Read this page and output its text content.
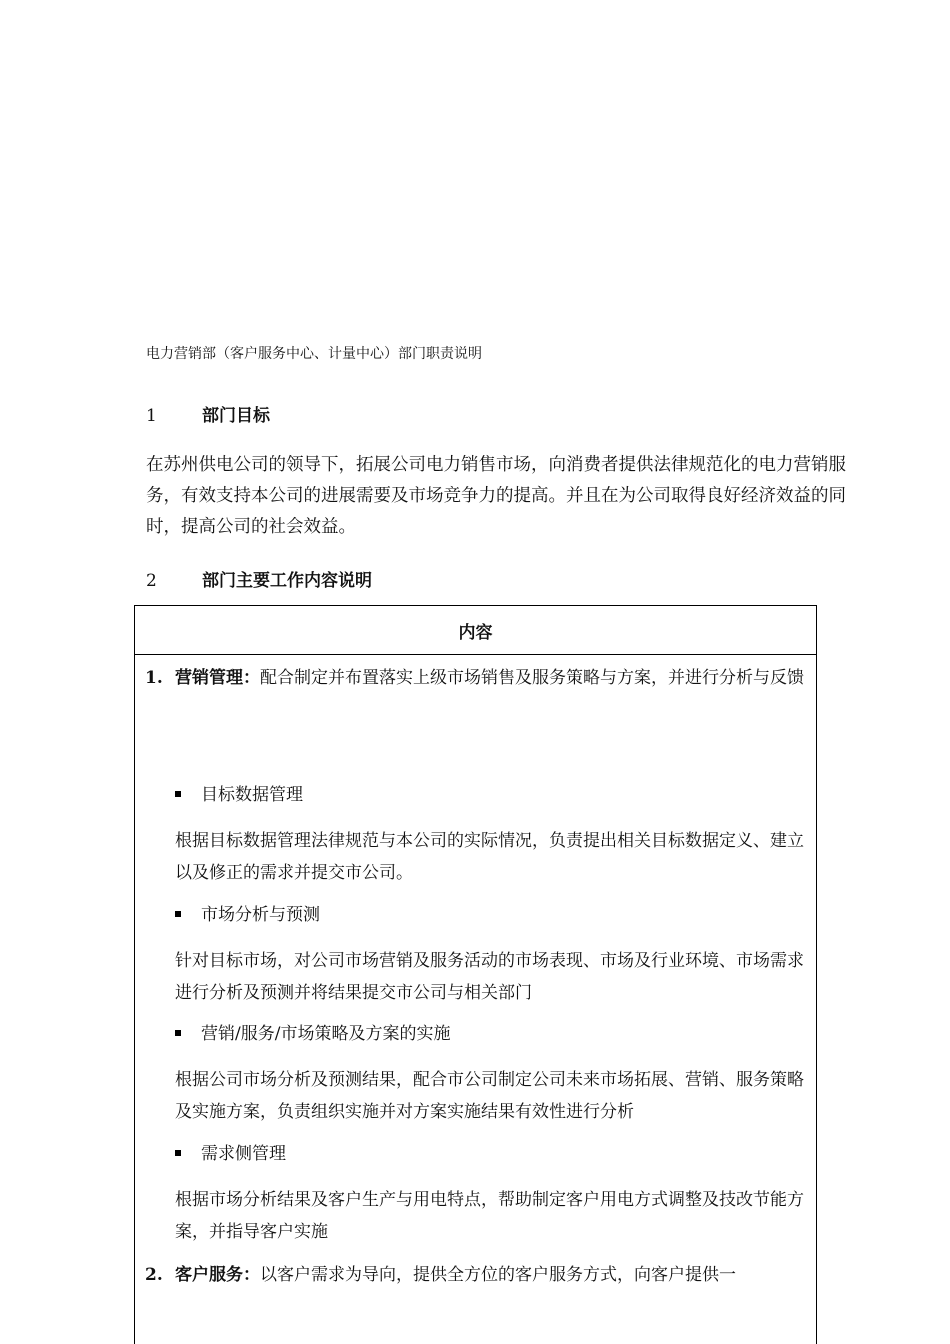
电力营销部（客户服务中心、计量中心）部门职责说明
1	部门目标

在苏州供电公司的领导下，拓展公司电力销售市场，向消费者提供法律规范化的电力营销服务，有效支持本公司的进展需要及市场竞争力的提高。并且在为公司取得良好经济效益的同时，提高公司的社会效益。

2	部门主要工作内容说明
内容
1. 营销管理：配合制定并布置落实上级市场销售及服务策略与方案，并进行分析与反馈
目标数据管理

根据目标数据管理法律规范与本公司的实际情况，负责提出相关目标数据定义、建立以及修正的需求并提交市公司。

市场分析与预测

针对目标市场，对公司市场营销及服务活动的市场表现、市场及行业环境、市场需求进行分析及预测并将结果提交市公司与相关部门

营销/服务/市场策略及方案的实施

根据公司市场分析及预测结果，配合市公司制定公司未来市场拓展、营销、服务策略及实施方案，负责组织实施并对方案实施结果有效性进行分析

需求侧管理

根据市场分析结果及客户生产与用电特点，帮助制定客户用电方式调整及技改节能方案，并指导客户实施

2. 客户服务：以客户需求为导向，提供全方位的客户服务方式，向客户提供一
